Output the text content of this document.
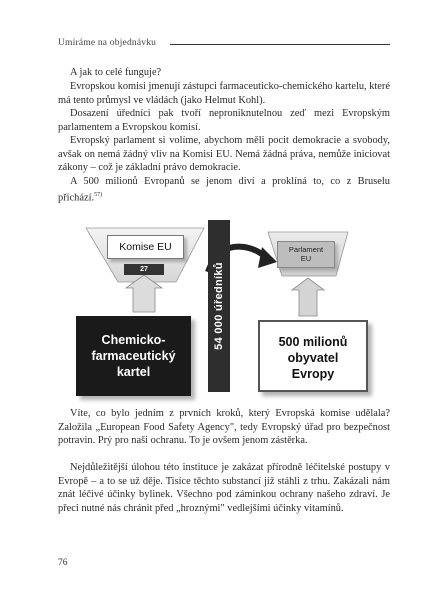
Umíráme na objednávku

A jak to celé funguje?

Evropskou komisi jmenují zástupci farmaceuticko-chemického kartelu, které má tento průmysl ve vládách (jako Helmut Kohl).

Dosazení úředníci pak tvoří neproniknutelnou zeď mezi Evropským parlamentem a Evropskou komisí.

Evropský parlament si volíme, abychom měli pocit demokracie a svobody, avšak on nemá žádný vliv na Komisi EU. Nemá žádná práva, nemůže iniciovat zákony – což je základní právo demokracie.

A 500 milionů Evropanů se jenom diví a proklíná to, co z Bruselu přichází.$^{57)}$

Komise EU
27
Parlament
EU
54 000 úředníků
Chemicko-
farmaceutický
kartel
500 milionů
obyvatel
Evropy

Víte, co bylo jedním z prvních kroků, který Evropská komise udělala? Založila „European Food Safety Agency", tedy Evropský úřad pro bezpečnost potravin. Prý pro naši ochranu. To je ovšem jenom zástěrka.

Nejdůležitější úlohou této instituce je zakázat přírodně léčitelské postupy v Evropě – a to se už děje. Tisíce těchto substancí již stáhli z trhu. Zakázali nám znát léčivé účinky bylinek. Všechno pod záminkou ochrany našeho zdraví. Je přeci nutné nás chránit před „hroznými" vedlejšími účinky vitamínů.

76
